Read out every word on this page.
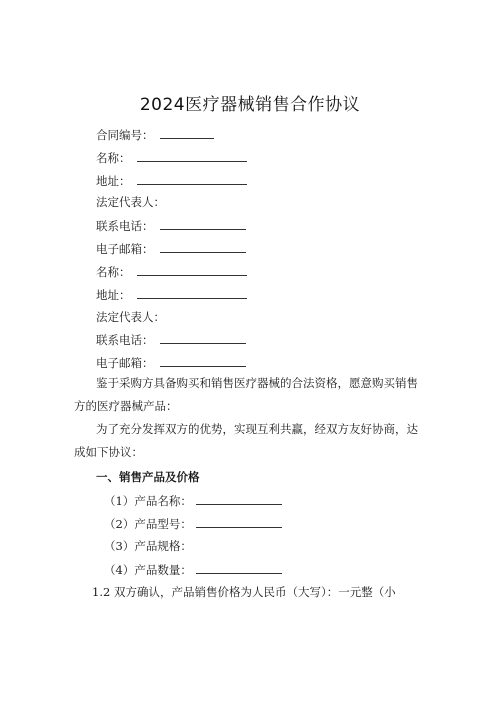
2024医疗器械销售合作协议
合同编号：
名称：
地址：
法定代表人：
联系电话：
电子邮箱：
名称：
地址：
法定代表人：
联系电话：
电子邮箱：
鉴于采购方具备购买和销售医疗器械的合法资格，愿意购买销售方的医疗器械产品：
为了充分发挥双方的优势，实现互利共赢，经双方友好协商，达成如下协议：
一、销售产品及价格
（1）产品名称：
（2）产品型号：
（3）产品规格：
（4）产品数量：
1.2 双方确认，产品销售价格为人民币（大写）：一元整（小
